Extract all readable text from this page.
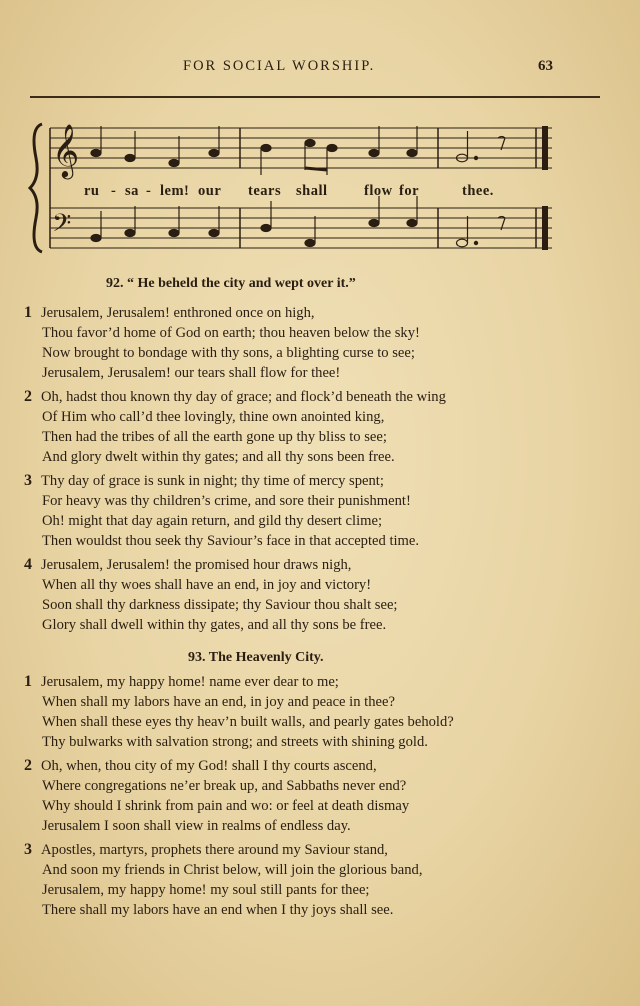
FOR SOCIAL WORSHIP.	63
𝄞
𝄢
ru - sa - lem! our tears shall	flow for	thee.
92. “ He beheld the city and wept over it.”
1 Jerusalem, Jerusalem! enthroned once on high,
Thou favor’d home of God on earth; thou heaven below the sky!
Now brought to bondage with thy sons, a blighting curse to see;
Jerusalem, Jerusalem! our tears shall flow for thee!
2 Oh, hadst thou known thy day of grace; and flock’d beneath the wing
Of Him who call’d thee lovingly, thine own anointed king,
Then had the tribes of all the earth gone up thy bliss to see;
And glory dwelt within thy gates; and all thy sons been free.
3 Thy day of grace is sunk in night; thy time of mercy spent;
For heavy was thy children’s crime, and sore their punishment!
Oh! might that day again return, and gild thy desert clime;
Then wouldst thou seek thy Saviour’s face in that accepted time.
4 Jerusalem, Jerusalem! the promised hour draws nigh,
When all thy woes shall have an end, in joy and victory!
Soon shall thy darkness dissipate; thy Saviour thou shalt see;
Glory shall dwell within thy gates, and all thy sons be free.
93. The Heavenly City.
1 Jerusalem, my happy home! name ever dear to me;
When shall my labors have an end, in joy and peace in thee?
When shall these eyes thy heav’n built walls, and pearly gates behold?
Thy bulwarks with salvation strong; and streets with shining gold.
2 Oh, when, thou city of my God! shall I thy courts ascend,
Where congregations ne’er break up, and Sabbaths never end?
Why should I shrink from pain and wo: or feel at death dismay
Jerusalem I soon shall view in realms of endless day.
3 Apostles, martyrs, prophets there around my Saviour stand,
And soon my friends in Christ below, will join the glorious band,
Jerusalem, my happy home! my soul still pants for thee;
There shall my labors have an end when I thy joys shall see.
